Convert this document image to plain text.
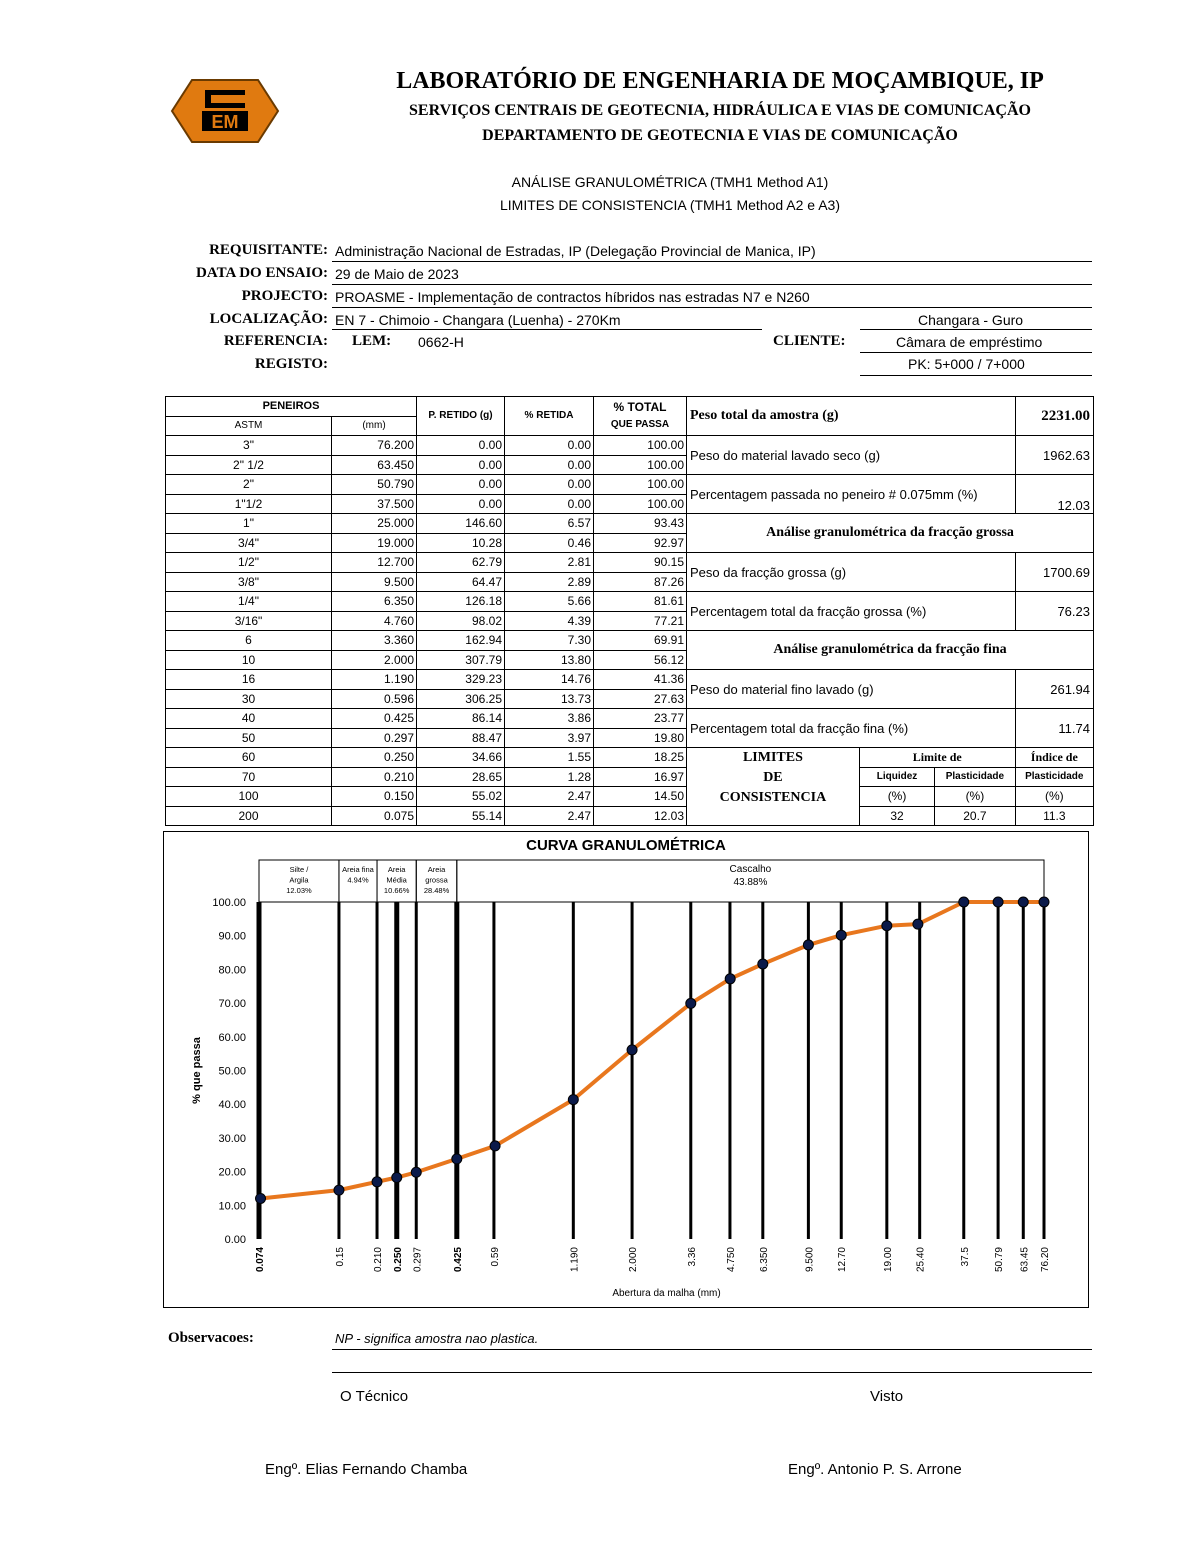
EM
LABORATÓRIO DE ENGENHARIA DE MOÇAMBIQUE, IP
SERVIÇOS CENTRAIS DE GEOTECNIA, HIDRÁULICA E VIAS DE COMUNICAÇÃO
DEPARTAMENTO DE GEOTECNIA E VIAS DE COMUNICAÇÃO
ANÁLISE GRANULOMÉTRICA (TMH1 Method A1)
LIMITES DE CONSISTENCIA (TMH1 Method A2 e A3)
REQUISITANTE: Administração Nacional de Estradas, IP (Delegação Provincial de Manica, IP)
DATA DO ENSAIO: 29 de Maio de 2023
PROJECTO: PROASME - Implementação de contractos híbridos nas estradas N7 e N260
LOCALIZAÇÃO: EN 7 - Chimoio - Changara (Luenha) - 270Km	Changara - Guro
REFERENCIA: LEM: 0662-H	CLIENTE:	Câmara de empréstimo
REGISTO:	PK: 5+000 / 7+000
PENEIROS		P. RETIDO (g)	% RETIDA	% TOTAL
QUE PASSA

ASTM	(mm)			
3"	76.200	0.00	0.00	100.00
2" 1/2	63.450	0.00	0.00	100.00
2"	50.790	0.00	0.00	100.00
1"1/2	37.500	0.00	0.00	100.00
1"	25.000	146.60	6.57	93.43
3/4"	19.000	10.28	0.46	92.97
1/2"	12.700	62.79	2.81	90.15
3/8"	9.500	64.47	2.89	87.26
1/4"	6.350	126.18	5.66	81.61
3/16"	4.760	98.02	4.39	77.21
6	3.360	162.94	7.30	69.91
10	2.000	307.79	13.80	56.12
16	1.190	329.23	14.76	41.36
30	0.596	306.25	13.73	27.63
40	0.425	86.14	3.86	23.77
50	0.297	88.47	3.97	19.80
60	0.250	34.66	1.55	18.25
70	0.210	28.65	1.28	16.97
100	0.150	55.02	2.47	14.50
200	0.075	55.14	2.47	12.03
Peso total da amostra (g)			2231.00
Peso do material lavado seco (g)			1962.63
Percentagem passada no peneiro # 0.075mm (%)			12.03
Análise granulométrica da fracção grossa			
Peso da fracção grossa (g)			1700.69
Percentagem total da fracção grossa (%)			76.23
Análise granulométrica da fracção fina			
Peso do material fino lavado (g)			261.94
Percentagem total da fracção fina (%)			11.74

LIMITES
DE
CONSISTENCIA	Limite de		Índice de
	Liquidez	Plasticidade	Plasticidade
	(%)	(%)	(%)
	32	20.7	11.3
CURVA GRANULOMÉTRICA
0.00
10.00
20.00
30.00
40.00
50.00
60.00
70.00
80.00
90.00
100.00
% que passa
Silte /
Argila
12.03%
Areia fina
4.94%
Areia
Média
10.66%
Areia
grossa
28.48%
Cascalho
43.88%
0.074	0.15	0.210 0.250 0.297	0.425	0.59	1.190	2.000	3.36	4.750 6.350	9.500 12.70	19.00 25.40	37.5 50.79 63.45 76.20
Abertura da malha (mm)
Observacoes:	NP - significa amostra nao plastica.
O Técnico	Visto
Engº. Elias Fernando Chamba	Engº. Antonio P. S. Arrone
